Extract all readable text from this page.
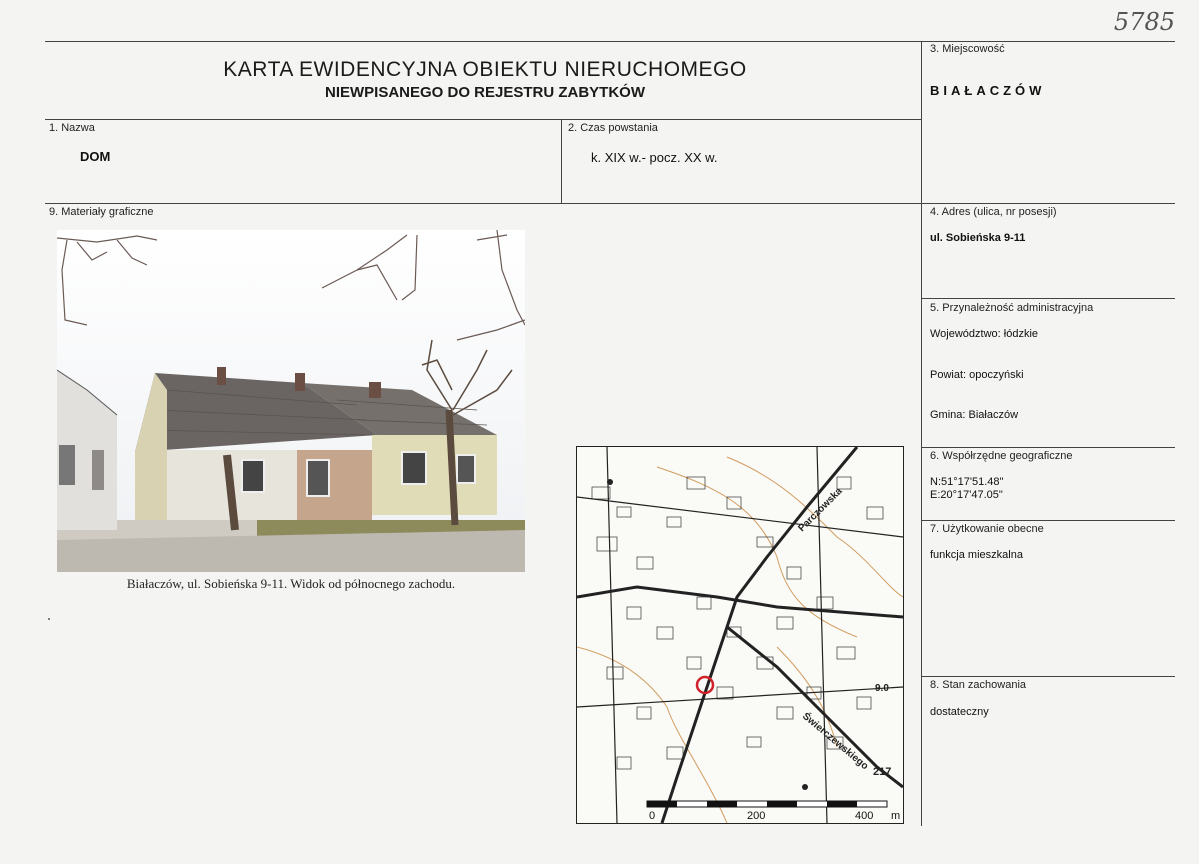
5785
KARTA EWIDENCYJNA OBIEKTU NIERUCHOMEGO
NIEWPISANEGO DO REJESTRU ZABYTKÓW
3. Miejscowość
BIAŁACZÓW
1. Nazwa
DOM
2. Czas powstania
k. XIX w.- pocz. XX w.
9. Materiały graficzne	4. Adres (ulica, nr posesji)
ul. Sobieńska 9-11
5. Przynależność administracyjna
Województwo: łódzkie
Powiat: opoczyński
Gmina: Białaczów
6. Współrzędne geograficzne
N:51°17'51.48"
E:20°17'47.05"
7. Użytkowanie obecne
funkcja mieszkalna
8. Stan zachowania
dostateczny
Białaczów, ul. Sobieńska 9-11. Widok od północnego zachodu.
Parczowska
Świerczewskiego 217
9.0
0	200	400 m
